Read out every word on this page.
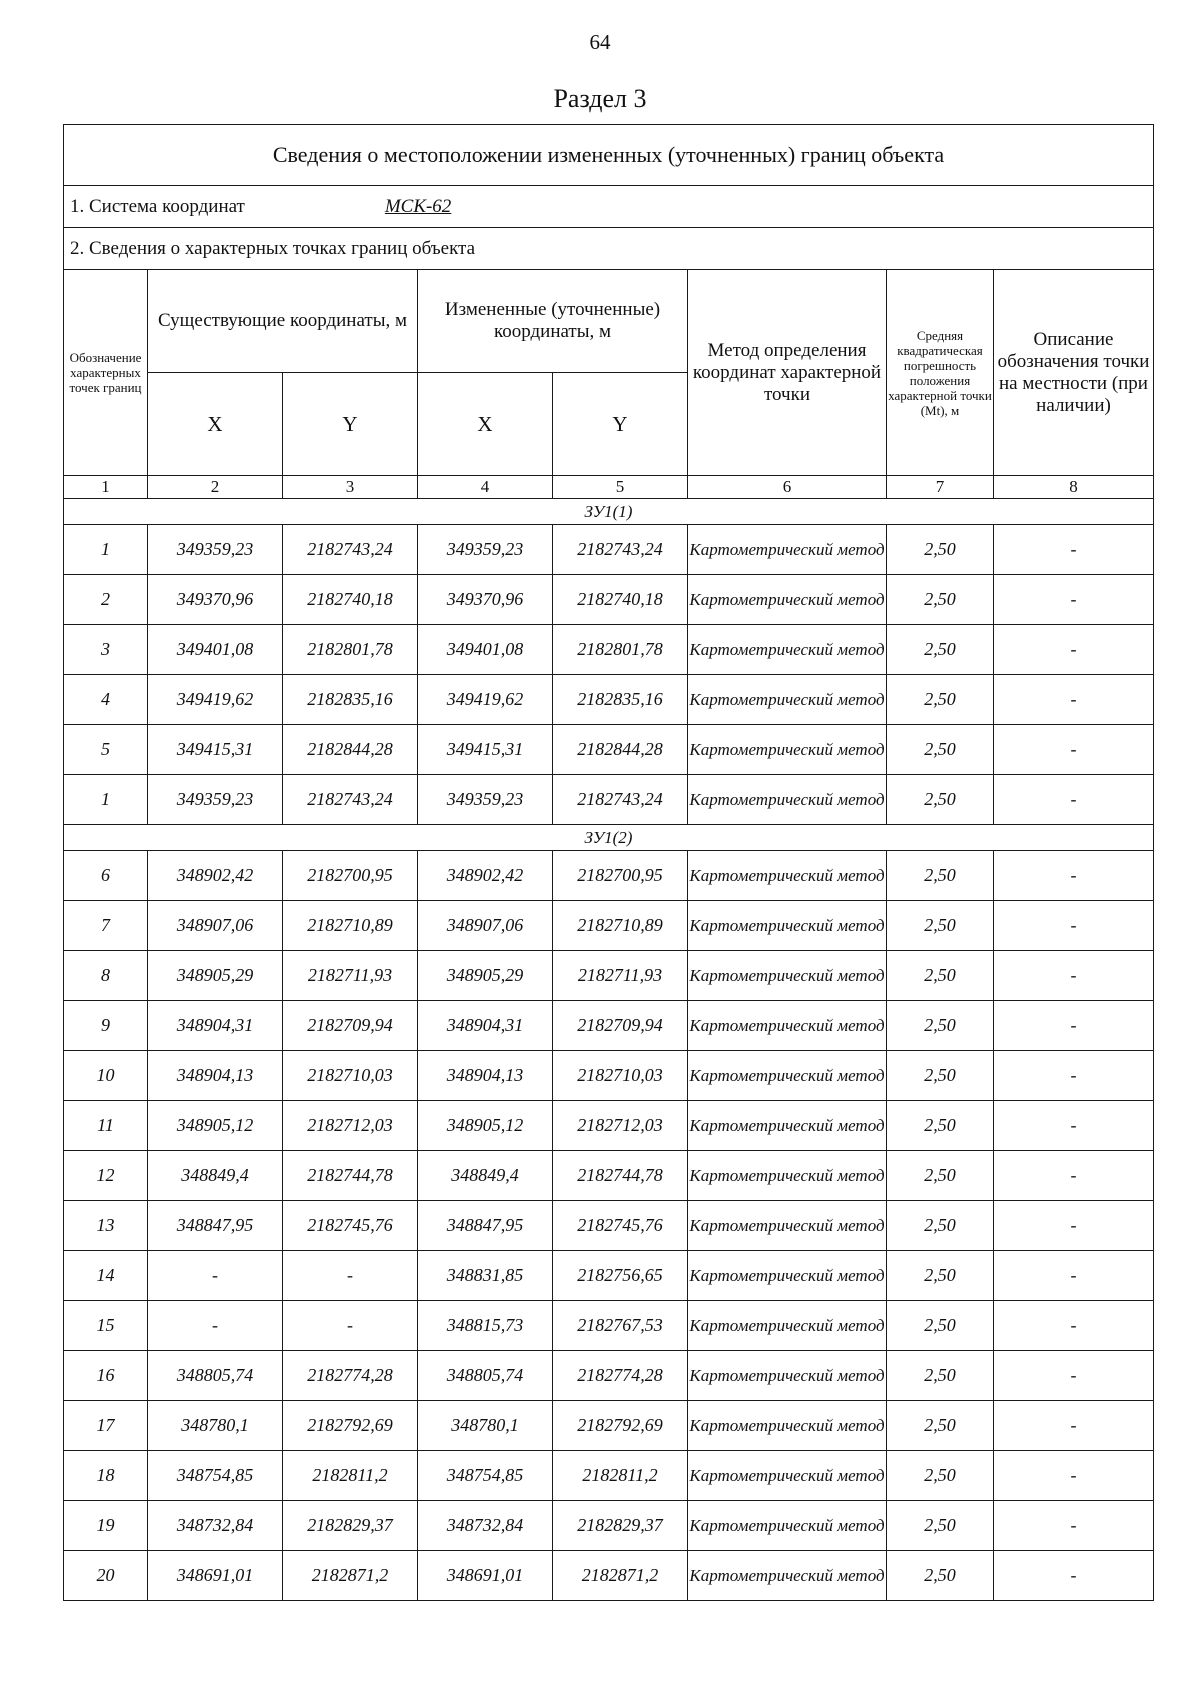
64
Раздел 3
Сведения о местоположении измененных (уточненных) границ объекта							
1. Система координат МСК-62							
2. Сведения о характерных точках границ объекта							
Обозначение характерных точек границ	Существующие координаты, м		Измененные (уточненные) координаты, м		Метод определения координат характерной точки	Средняя квадратическая погрешность положения характерной точки (Mt), м	Описание обозначения точки на местности (при наличии)
	X	Y	X	Y			
1	2	3	4	5	6	7	8
ЗУ1(1)							
1	349359,23	2182743,24	349359,23	2182743,24	Картометрический метод	2,50	-
2	349370,96	2182740,18	349370,96	2182740,18	Картометрический метод	2,50	-
3	349401,08	2182801,78	349401,08	2182801,78	Картометрический метод	2,50	-
4	349419,62	2182835,16	349419,62	2182835,16	Картометрический метод	2,50	-
5	349415,31	2182844,28	349415,31	2182844,28	Картометрический метод	2,50	-
1	349359,23	2182743,24	349359,23	2182743,24	Картометрический метод	2,50	-
ЗУ1(2)							
6	348902,42	2182700,95	348902,42	2182700,95	Картометрический метод	2,50	-
7	348907,06	2182710,89	348907,06	2182710,89	Картометрический метод	2,50	-
8	348905,29	2182711,93	348905,29	2182711,93	Картометрический метод	2,50	-
9	348904,31	2182709,94	348904,31	2182709,94	Картометрический метод	2,50	-
10	348904,13	2182710,03	348904,13	2182710,03	Картометрический метод	2,50	-
11	348905,12	2182712,03	348905,12	2182712,03	Картометрический метод	2,50	-
12	348849,4	2182744,78	348849,4	2182744,78	Картометрический метод	2,50	-
13	348847,95	2182745,76	348847,95	2182745,76	Картометрический метод	2,50	-
14	-	-	348831,85	2182756,65	Картометрический метод	2,50	-
15	-	-	348815,73	2182767,53	Картометрический метод	2,50	-
16	348805,74	2182774,28	348805,74	2182774,28	Картометрический метод	2,50	-
17	348780,1	2182792,69	348780,1	2182792,69	Картометрический метод	2,50	-
18	348754,85	2182811,2	348754,85	2182811,2	Картометрический метод	2,50	-
19	348732,84	2182829,37	348732,84	2182829,37	Картометрический метод	2,50	-
20	348691,01	2182871,2	348691,01	2182871,2	Картометрический метод	2,50	-
